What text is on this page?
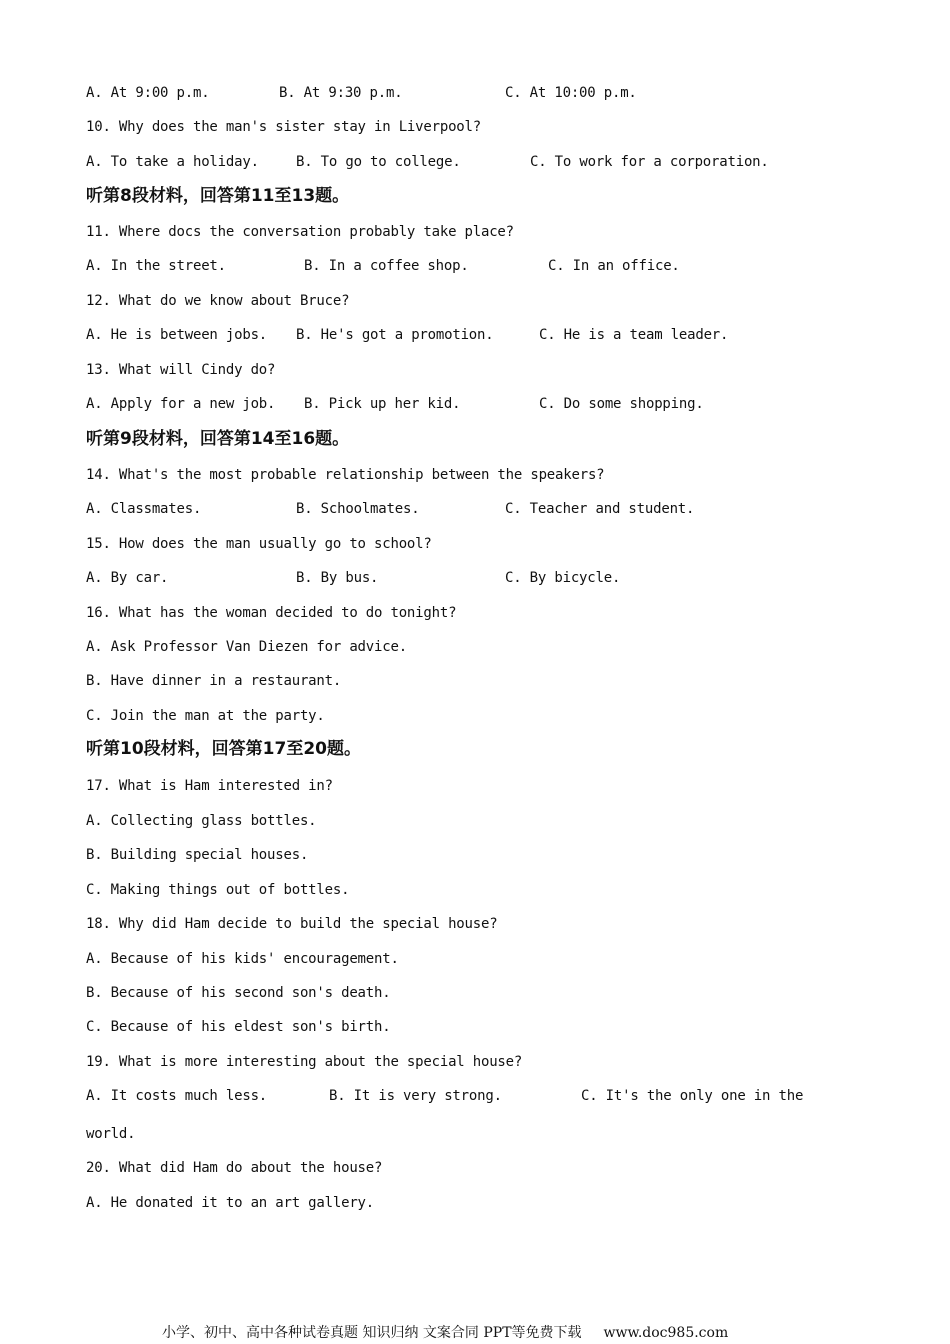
A. At 9:00 p.m.	B. At 9:30 p.m.	C. At 10:00 p.m.
10. Why does the man's sister stay in Liverpool?
A. To take a holiday.	B. To go to college.	C. To work for a corporation.
听第8段材料，回答第11至13题。
11. Where docs the conversation probably take place?
A. In the street.	B. In a coffee shop.	C. In an office.
12. What do we know about Bruce?
A. He is between jobs. B. He's got a promotion.	C. He is a team leader.
13. What will Cindy do?
A. Apply for a new job. B. Pick up her kid.	C. Do some shopping.
听第9段材料，回答第14至16题。
14. What's the most probable relationship between the speakers?
A. Classmates.	B. Schoolmates.	C. Teacher and student.
15. How does the man usually go to school?
A. By car.	B. By bus.	C. By bicycle.
16. What has the woman decided to do tonight?
A. Ask Professor Van Diezen for advice.
B. Have dinner in a restaurant.
C. Join the man at the party.
听第10段材料，回答第17至20题。
17. What is Ham interested in?
A. Collecting glass bottles.
B. Building special houses.
C. Making things out of bottles.
18. Why did Ham decide to build the special house?
A. Because of his kids' encouragement.
B. Because of his second son's death.
C. Because of his eldest son's birth.
19. What is more interesting about the special house?
A. It costs much less.	B. It is very strong.	C. It's the only one in the
world.
20. What did Ham do about the house?
A. He donated it to an art gallery.
小学、初中、高中各种试卷真题 知识归纳 文案合同 PPT等免费下载 www.doc985.com
